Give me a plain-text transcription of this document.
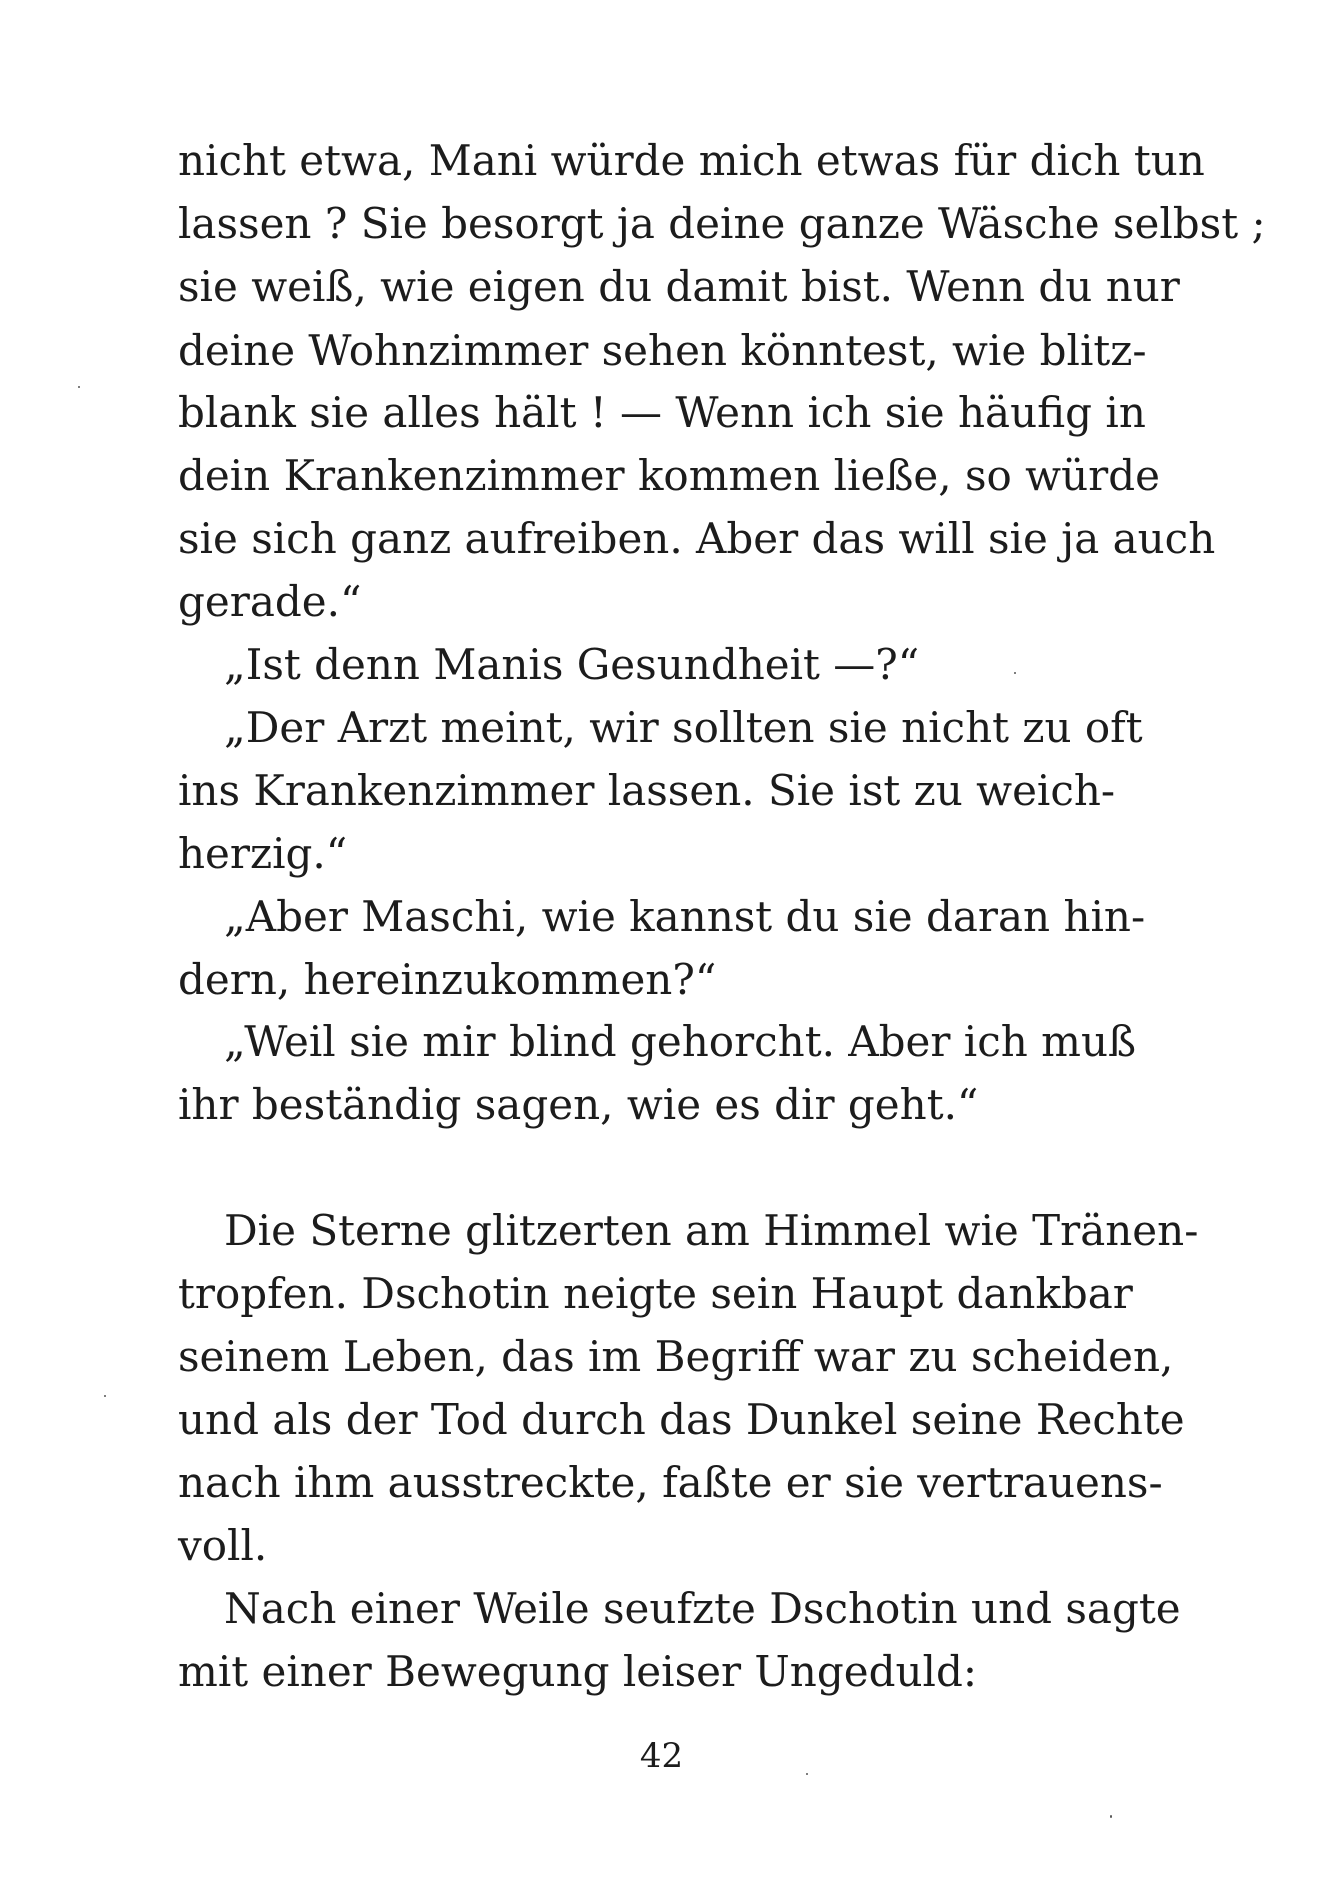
nicht etwa, Mani würde mich etwas für dich tun
lassen ? Sie besorgt ja deine ganze Wäsche selbst ;
sie weiß, wie eigen du damit bist. Wenn du nur
deine Wohnzimmer sehen könntest, wie blitz-
blank sie alles hält ! — Wenn ich sie häufig in
dein Krankenzimmer kommen ließe, so würde
sie sich ganz aufreiben. Aber das will sie ja auch
gerade.“
„Ist denn Manis Gesundheit —?“
„Der Arzt meint, wir sollten sie nicht zu oft
ins Krankenzimmer lassen. Sie ist zu weich-
herzig.“
„Aber Maschi, wie kannst du sie daran hin-
dern, hereinzukommen?“
„Weil sie mir blind gehorcht. Aber ich muß
ihr beständig sagen, wie es dir geht.“
Die Sterne glitzerten am Himmel wie Tränen-
tropfen. Dschotin neigte sein Haupt dankbar
seinem Leben, das im Begriff war zu scheiden,
und als der Tod durch das Dunkel seine Rechte
nach ihm ausstreckte, faßte er sie vertrauens-
voll.
Nach einer Weile seufzte Dschotin und sagte
mit einer Bewegung leiser Ungeduld:
42
